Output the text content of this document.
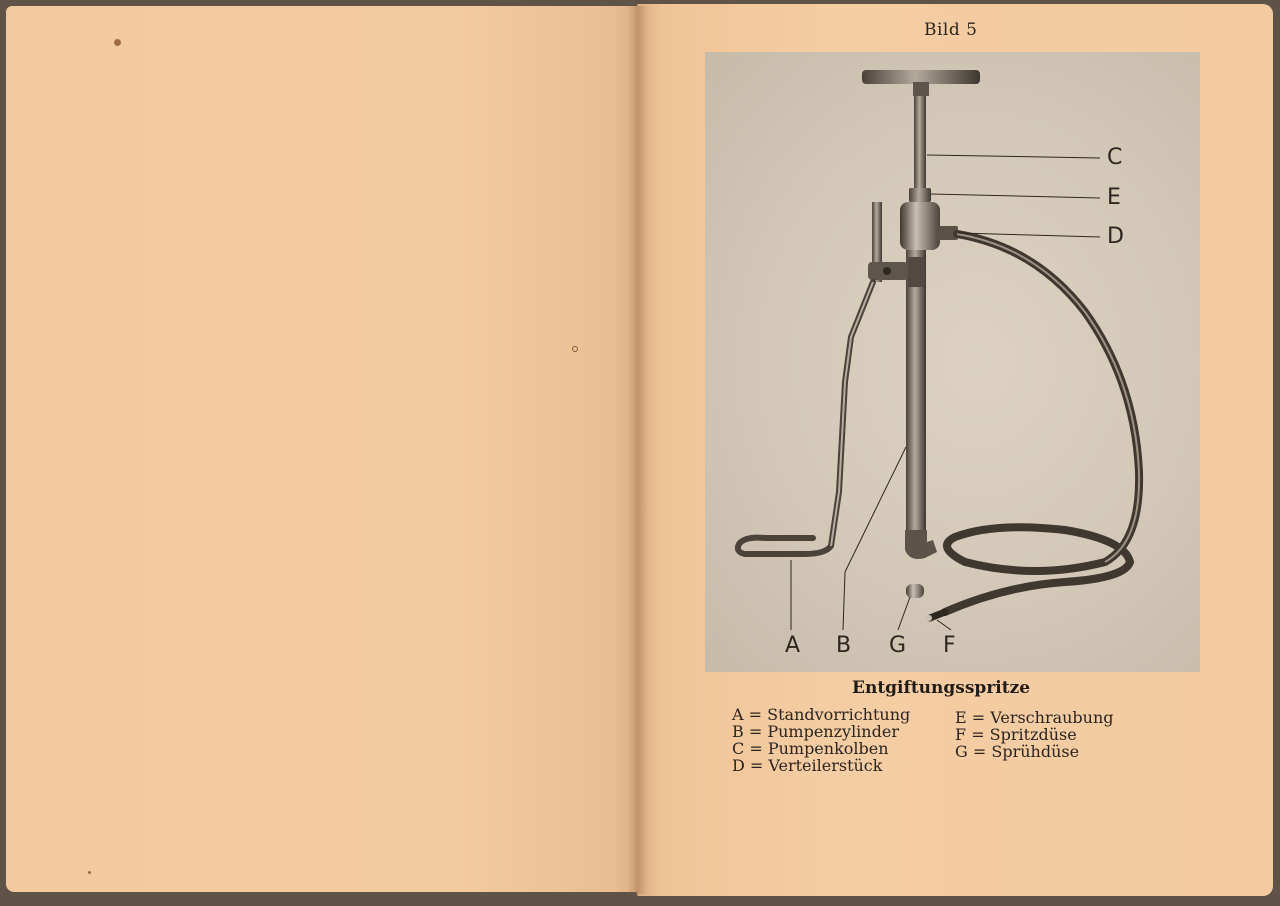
Bild 5
A B G F
C
E
D
Entgiftungsspritze
A = Standvorrichtung
B = Pumpenzylinder
C = Pumpenkolben
D = Verteilerstück
E = Verschraubung
F = Spritzdüse
G = Sprühdüse
